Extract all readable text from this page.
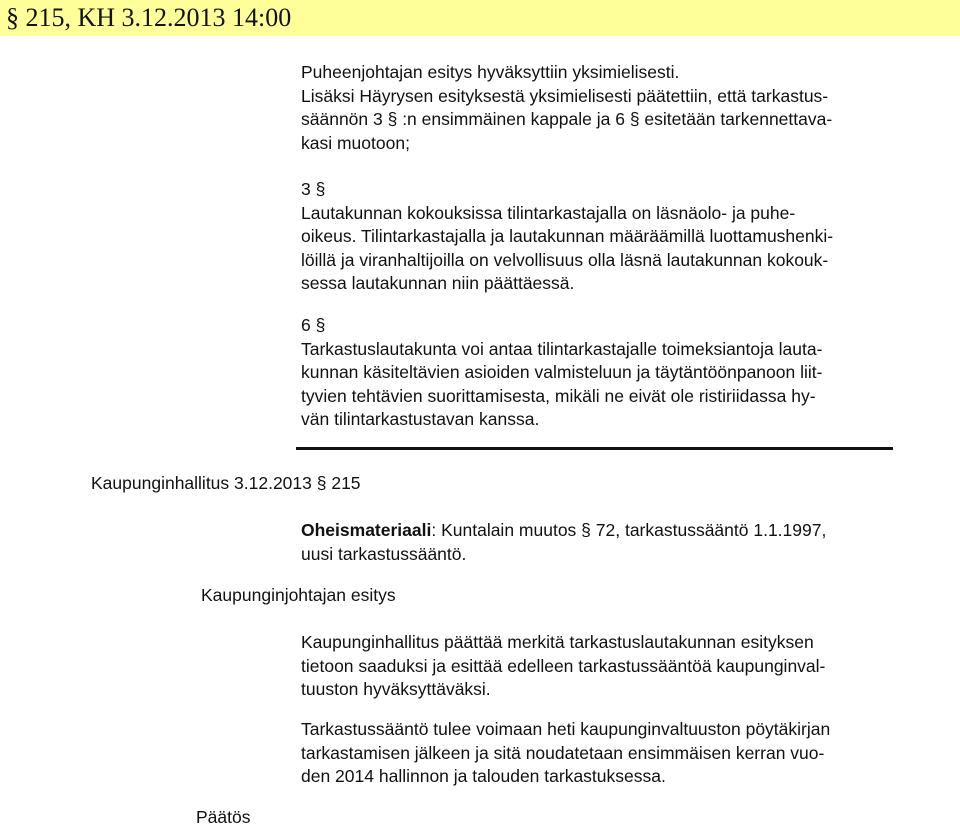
§ 215, KH 3.12.2013 14:00
Puheenjohtajan esitys hyväksyttiin yksimielisesti.
Lisäksi Häyrysen esityksestä yksimielisesti päätettiin, että tarkastus-
säännön 3 § :n ensimmäinen kappale ja 6 § esitetään tarkennettava-
kasi muotoon;
3 §
Lautakunnan kokouksissa tilintarkastajalla on läsnäolo- ja puhe-
oikeus. Tilintarkastajalla ja lautakunnan määräämillä luottamushenki-
löillä ja viranhaltijoilla on velvollisuus olla läsnä lautakunnan kokouk-
sessa lautakunnan niin päättäessä.
6 §
Tarkastuslautakunta voi antaa tilintarkastajalle toimeksiantoja lauta-
kunnan käsiteltävien asioiden valmisteluun ja täytäntöönpanoon liit-
tyvien tehtävien suorittamisesta, mikäli ne eivät ole ristiriidassa hy-
vän tilintarkastustavan kanssa.
Kaupunginhallitus 3.12.2013 § 215
Oheismateriaali: Kuntalain muutos § 72, tarkastussääntö 1.1.1997,
uusi tarkastussääntö.
Kaupunginjohtajan esitys
Kaupunginhallitus päättää merkitä tarkastuslautakunnan esityksen
tietoon saaduksi ja esittää edelleen tarkastussääntöä kaupunginval-
tuuston hyväksyttäväksi.
Tarkastussääntö tulee voimaan heti kaupunginvaltuuston pöytäkirjan
tarkastamisen jälkeen ja sitä noudatetaan ensimmäisen kerran vuo-
den 2014 hallinnon ja talouden tarkastuksessa.
Päätös
